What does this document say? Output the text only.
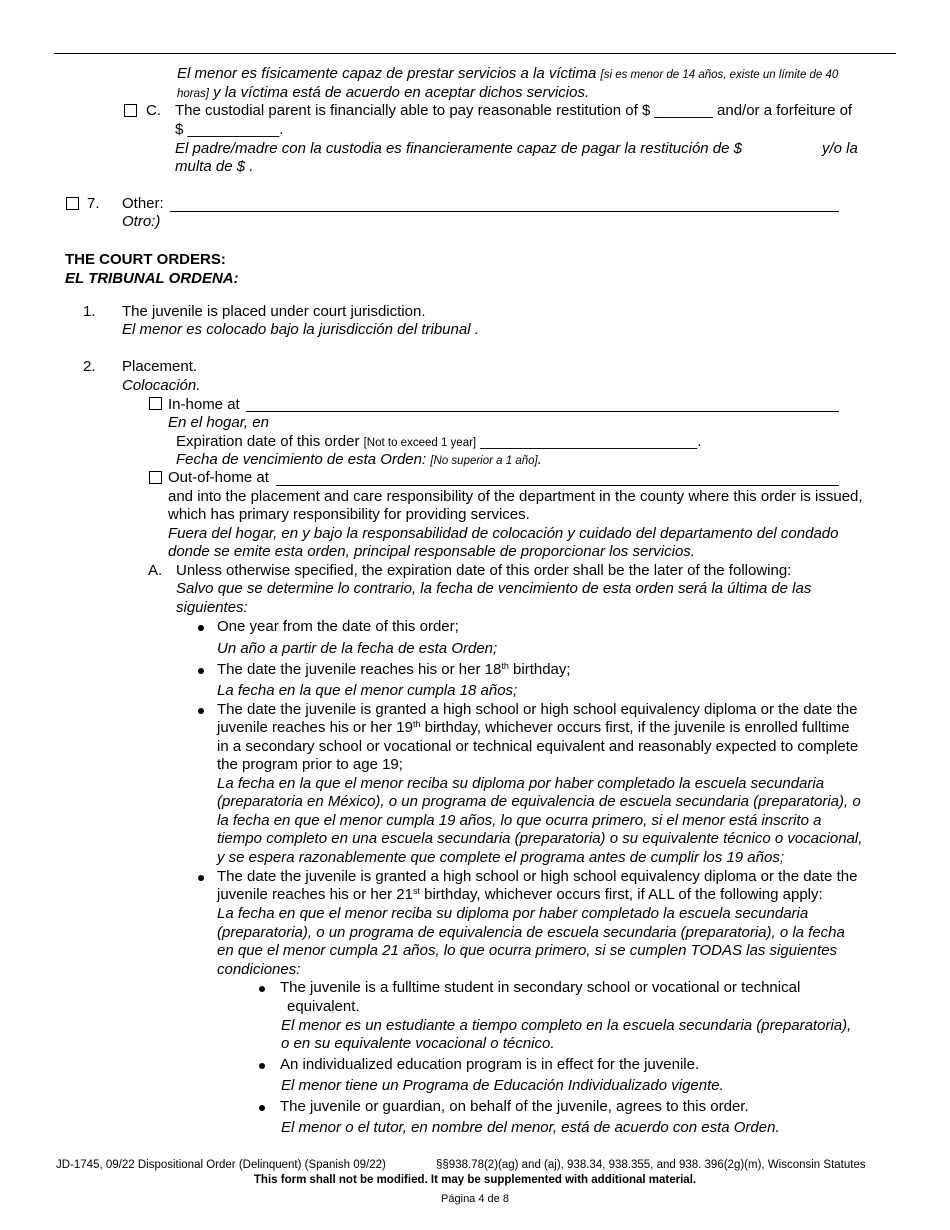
El menor es físicamente capaz de prestar servicios a la víctima [si es menor de 14 años, existe un límite de 40
horas] y la víctima está de acuerdo en aceptar dichos servicios.
C. The custodial parent is financially able to pay reasonable restitution of $ _______ and/or a forfeiture of
$ ___________.
El padre/madre con la custodia es financieramente capaz de pagar la restitución de $	y/o la
multa de $ .
7. Other:
Otro:)
THE COURT ORDERS:
EL TRIBUNAL ORDENA:
1. The juvenile is placed under court jurisdiction.
El menor es colocado bajo la jurisdicción del tribunal .
2. Placement.
Colocación.
In-home at
En el hogar, en
Expiration date of this order [Not to exceed 1 year] __________________________.
Fecha de vencimiento de esta Orden: [No superior a 1 año].
Out-of-home at
and into the placement and care responsibility of the department in the county where this order is issued,
which has primary responsibility for providing services.
Fuera del hogar, en y bajo la responsabilidad de colocación y cuidado del departamento del condado
donde se emite esta orden, principal responsable de proporcionar los servicios.
A. Unless otherwise specified, the expiration date of this order shall be the later of the following:
Salvo que se determine lo contrario, la fecha de vencimiento de esta orden será la última de las
siguientes:
One year from the date of this order;
Un año a partir de la fecha de esta Orden;
The date the juvenile reaches his or her 18th birthday;
La fecha en la que el menor cumpla 18 años;
The date the juvenile is granted a high school or high school equivalency diploma or the date the
juvenile reaches his or her 19th birthday, whichever occurs first, if the juvenile is enrolled fulltime
in a secondary school or vocational or technical equivalent and reasonably expected to complete
the program prior to age 19;
La fecha en la que el menor reciba su diploma por haber completado la escuela secundaria
(preparatoria en México), o un programa de equivalencia de escuela secundaria (preparatoria), o
la fecha en que el menor cumpla 19 años, lo que ocurra primero, si el menor está inscrito a
tiempo completo en una escuela secundaria (preparatoria) o su equivalente técnico o vocacional,
y se espera razonablemente que complete el programa antes de cumplir los 19 años;
The date the juvenile is granted a high school or high school equivalency diploma or the date the
juvenile reaches his or her 21st birthday, whichever occurs first, if ALL of the following apply:
La fecha en que el menor reciba su diploma por haber completado la escuela secundaria
(preparatoria), o un programa de equivalencia de escuela secundaria (preparatoria), o la fecha
en que el menor cumpla 21 años, lo que ocurra primero, si se cumplen TODAS las siguientes
condiciones:
The juvenile is a fulltime student in secondary school or vocational or technical
equivalent.
El menor es un estudiante a tiempo completo en la escuela secundaria (preparatoria),
o en su equivalente vocacional o técnico.
An individualized education program is in effect for the juvenile.
El menor tiene un Programa de Educación Individualizado vigente.
The juvenile or guardian, on behalf of the juvenile, agrees to this order.
El menor o el tutor, en nombre del menor, está de acuerdo con esta Orden.
JD-1745, 09/22 Dispositional Order (Delinquent) (Spanish 09/22)	§§938.78(2)(ag) and (aj), 938.34, 938.355, and 938. 396(2g)(m), Wisconsin Statutes
This form shall not be modified. It may be supplemented with additional material.
Página 4 de 8
